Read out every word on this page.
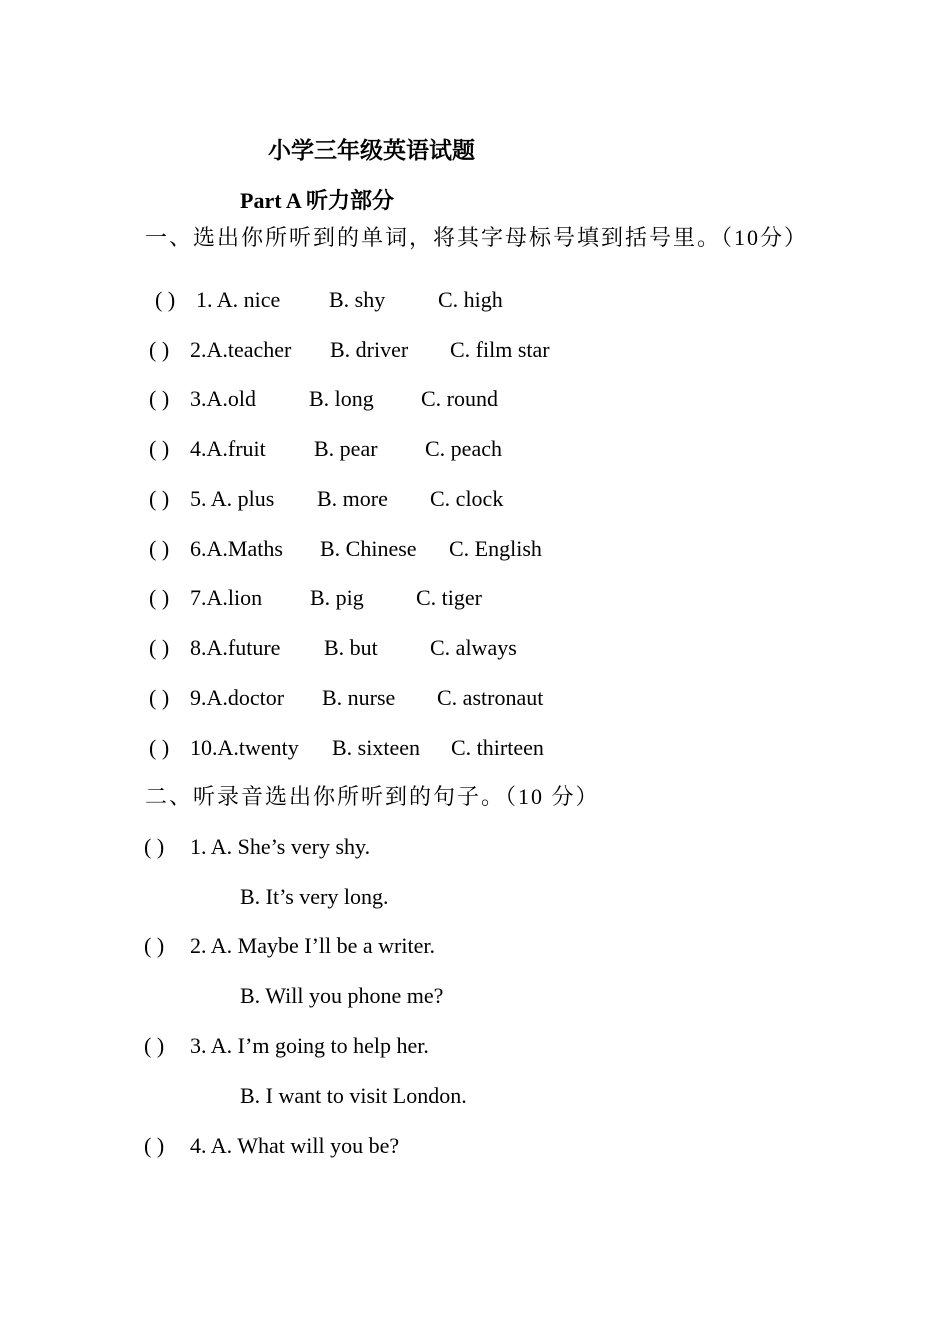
小学三年级英语试题
Part A 听力部分
一、选出你所听到的单词，将其字母标号填到括号里。（10分）
( ) 1. A. nice B. shy C. high
( ) 2.A.teacher B. driver C. film star
( ) 3.A.old B. long C. round
( ) 4.A.fruit B. pear C. peach
( ) 5. A. plus B. more C. clock
( ) 6.A.Maths B. Chinese C. English
( ) 7.A.lion B. pig C. tiger
( ) 8.A.future B. but C. always
( ) 9.A.doctor B. nurse C. astronaut
( ) 10.A.twenty B. sixteen C. thirteen
二、听录音选出你所听到的句子。（10 分）
( ) 1. A. She’s very shy.
B. It’s very long.
( ) 2. A. Maybe I’ll be a writer.
B. Will you phone me?
( ) 3. A. I’m going to help her.
B. I want to visit London.
( ) 4. A. What will you be?
